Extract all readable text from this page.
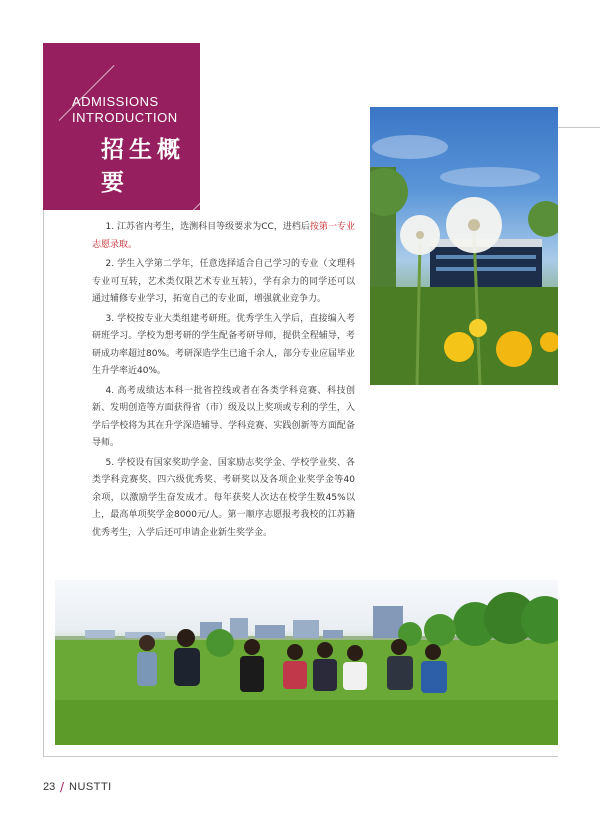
ADMISSIONS
INTRODUCTION
招生概要

1. 江苏省内考生，选测科目等级要求为CC，进档后按第一专业志愿录取。

2. 学生入学第二学年，任意选择适合自己学习的专业（文理科专业可互转，艺术类仅限艺术专业互转），学有余力的同学还可以通过辅修专业学习，拓宽自己的专业面，增强就业竞争力。

3. 学校按专业大类组建考研班。优秀学生入学后，直接编入考研班学习。学校为想考研的学生配备考研导师，提供全程辅导，考研成功率超过80%。考研深造学生已逾千余人，部分专业应届毕业生升学率近40%。

4. 高考成绩达本科一批省控线或者在各类学科竞赛、科技创新、发明创造等方面获得省（市）级及以上奖项或专利的学生，入学后学校将为其在升学深造辅导、学科竞赛、实践创新等方面配备导师。

5. 学校设有国家奖助学金、国家励志奖学金、学校学业奖、各类学科竞赛奖、四六级优秀奖、考研奖以及各项企业奖学金等40余项，以激励学生奋发成才。每年获奖人次达在校学生数45%以上，最高单项奖学金8000元/人。第一顺序志愿报考我校的江苏籍优秀考生，入学后还可申请企业新生奖学金。

23 / NUSTTI
